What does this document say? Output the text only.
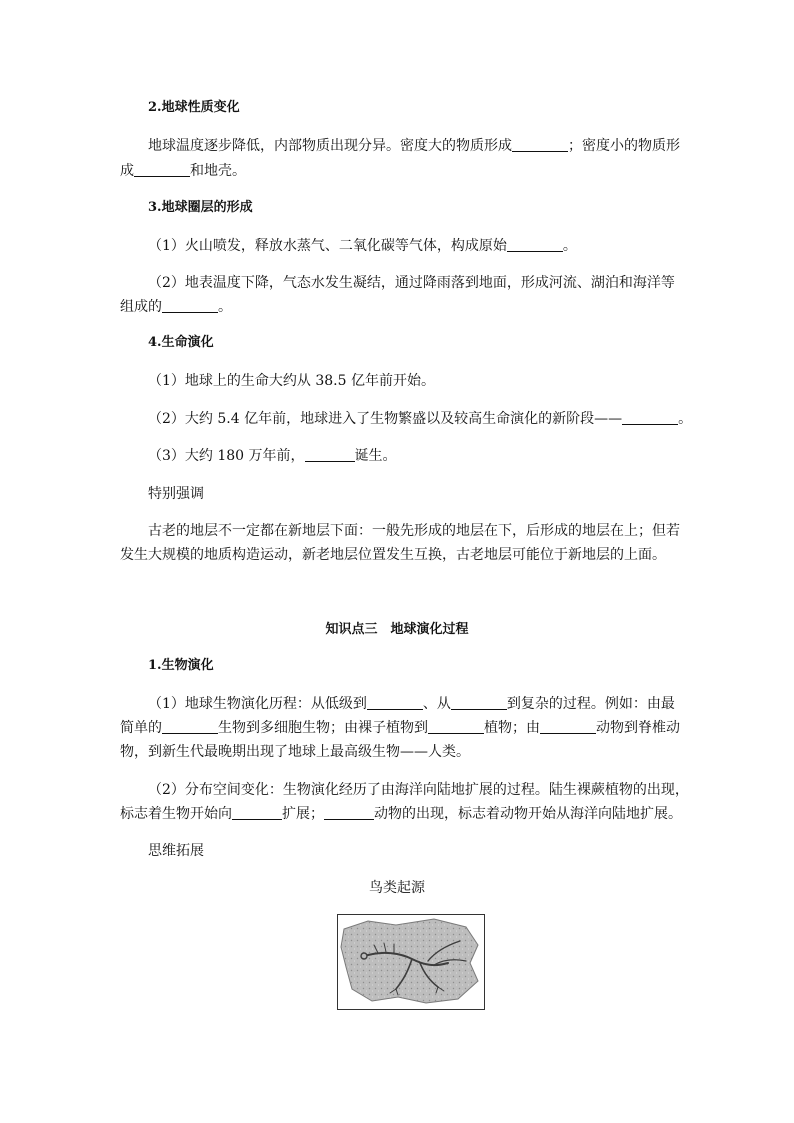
2.地球性质变化

地球温度逐步降低，内部物质出现分异。密度大的物质形成	；密度小的物质形

成	和地壳。

3.地球圈层的形成

（1）火山喷发，释放水蒸气、二氧化碳等气体，构成原始	。

（2）地表温度下降，气态水发生凝结，通过降雨落到地面，形成河流、湖泊和海洋等

组成的	。

4.生命演化

（1）地球上的生命大约从 38.5 亿年前开始。

（2）大约 5.4 亿年前，地球进入了生物繁盛以及较高生命演化的新阶段——	。

（3）大约 180 万年前，	诞生。

特别强调

古老的地层不一定都在新地层下面：一般先形成的地层在下，后形成的地层在上；但若

发生大规模的地质构造运动，新老地层位置发生互换，古老地层可能位于新地层的上面。

知识点三　地球演化过程

1.生物演化

（1）地球生物演化历程：从低级到	、从	到复杂的过程。例如：由最

简单的	生物到多细胞生物；由裸子植物到	植物；由	动物到脊椎动

物，到新生代最晚期出现了地球上最高级生物——人类。

（2）分布空间变化：生物演化经历了由海洋向陆地扩展的过程。陆生裸蕨植物的出现，

标志着生物开始向	扩展；	动物的出现，标志着动物开始从海洋向陆地扩展。

思维拓展

鸟类起源
